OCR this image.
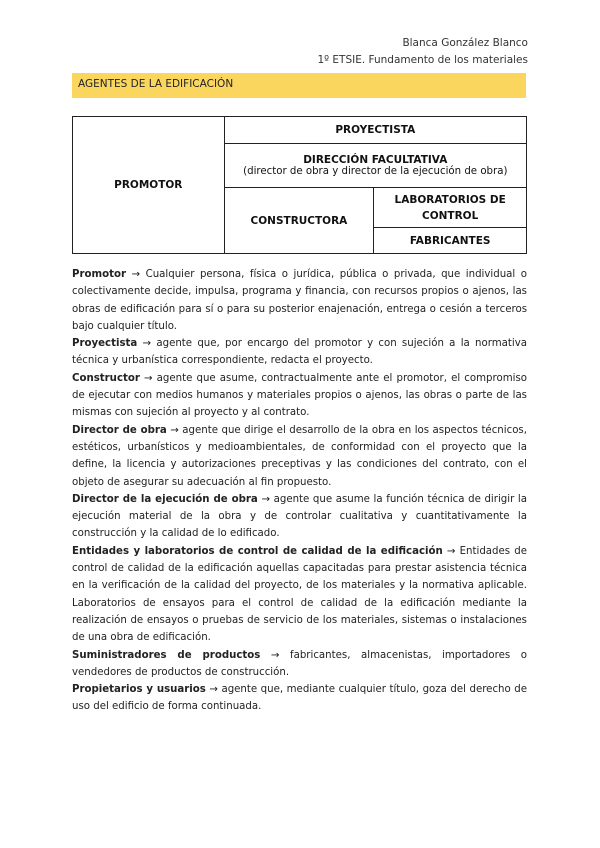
Blanca González Blanco
1º ETSIE. Fundamento de los materiales
AGENTES DE LA EDIFICACIÓN
PROMOTOR	PROYECTISTA	

	DIRECCIÓN FACULTATIVA
(director de obra y director de la ejecución de obra)	

	CONSTRUCTORA	LABORATORIOS DE CONTROL
		FABRICANTES

Promotor → Cualquier persona, física o jurídica, pública o privada, que individual o colectivamente decide, impulsa, programa y financia, con recursos propios o ajenos, las obras de edificación para sí o para su posterior enajenación, entrega o cesión a terceros bajo cualquier título.

Proyectista → agente que, por encargo del promotor y con sujeción a la normativa técnica y urbanística correspondiente, redacta el proyecto.

Constructor → agente que asume, contractualmente ante el promotor, el compromiso de ejecutar con medios humanos y materiales propios o ajenos, las obras o parte de las mismas con sujeción al proyecto y al contrato.

Director de obra → agente que dirige el desarrollo de la obra en los aspectos técnicos, estéticos, urbanísticos y medioambientales, de conformidad con el proyecto que la define, la licencia y autorizaciones preceptivas y las condiciones del contrato, con el objeto de asegurar su adecuación al fin propuesto.

Director de la ejecución de obra → agente que asume la función técnica de dirigir la ejecución material de la obra y de controlar cualitativa y cuantitativamente la construcción y la calidad de lo edificado.

Entidades y laboratorios de control de calidad de la edificación → Entidades de control de calidad de la edificación aquellas capacitadas para prestar asistencia técnica en la verificación de la calidad del proyecto, de los materiales y la normativa aplicable. Laboratorios de ensayos para el control de calidad de la edificación mediante la realización de ensayos o pruebas de servicio de los materiales, sistemas o instalaciones de una obra de edificación.

Suministradores de productos → fabricantes, almacenistas, importadores o vendedores de productos de construcción.

Propietarios y usuarios → agente que, mediante cualquier título, goza del derecho de uso del edificio de forma continuada.
